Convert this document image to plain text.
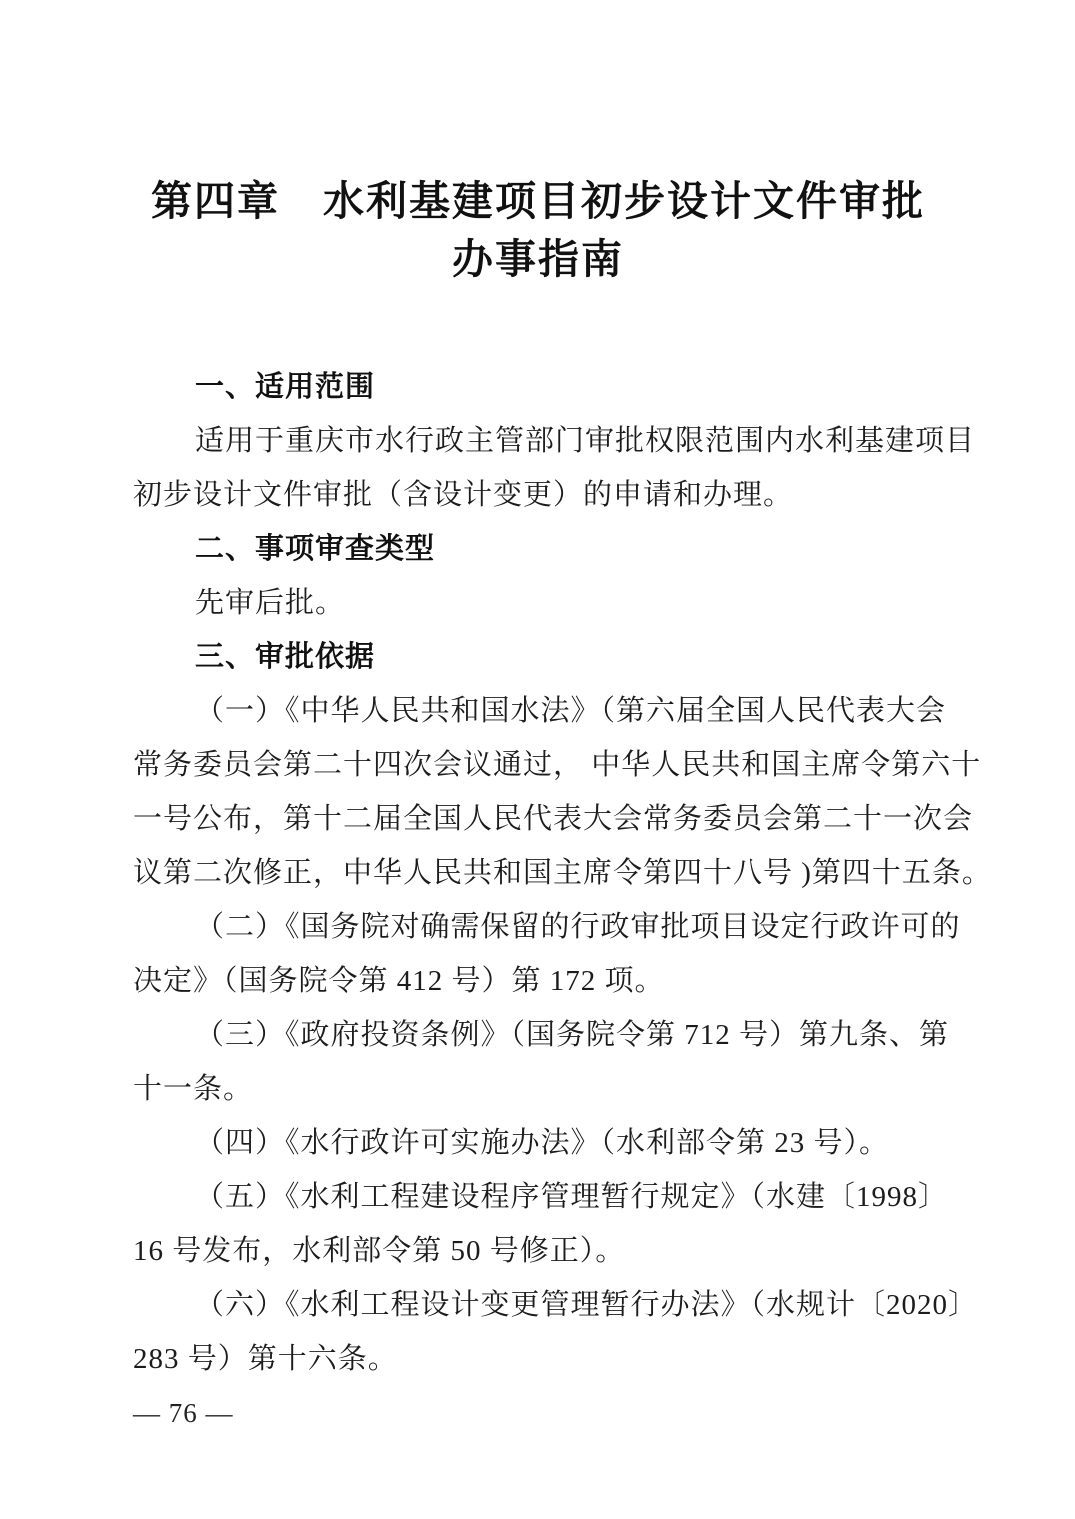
第四章　水利基建项目初步设计文件审批
办事指南
一、适用范围
适用于重庆市水行政主管部门审批权限范围内水利基建项目
初步设计文件审批（含设计变更）的申请和办理。
二、事项审查类型
先审后批。
三、审批依据
（一）《中华人民共和国水法》（第六届全国人民代表大会
常务委员会第二十四次会议通过， 中华人民共和国主席令第六十
一号公布，第十二届全国人民代表大会常务委员会第二十一次会
议第二次修正，中华人民共和国主席令第四十八号 )第四十五条。
（二）《国务院对确需保留的行政审批项目设定行政许可的
决定》（国务院令第 412 号）第 172 项。
（三）《政府投资条例》（国务院令第 712 号）第九条、第
十一条。
（四）《水行政许可实施办法》（水利部令第 23 号）。
（五）《水利工程建设程序管理暂行规定》（水建〔1998〕
16 号发布，水利部令第 50 号修正）。
（六）《水利工程设计变更管理暂行办法》（水规计〔2020〕
283 号）第十六条。
— 76 —
